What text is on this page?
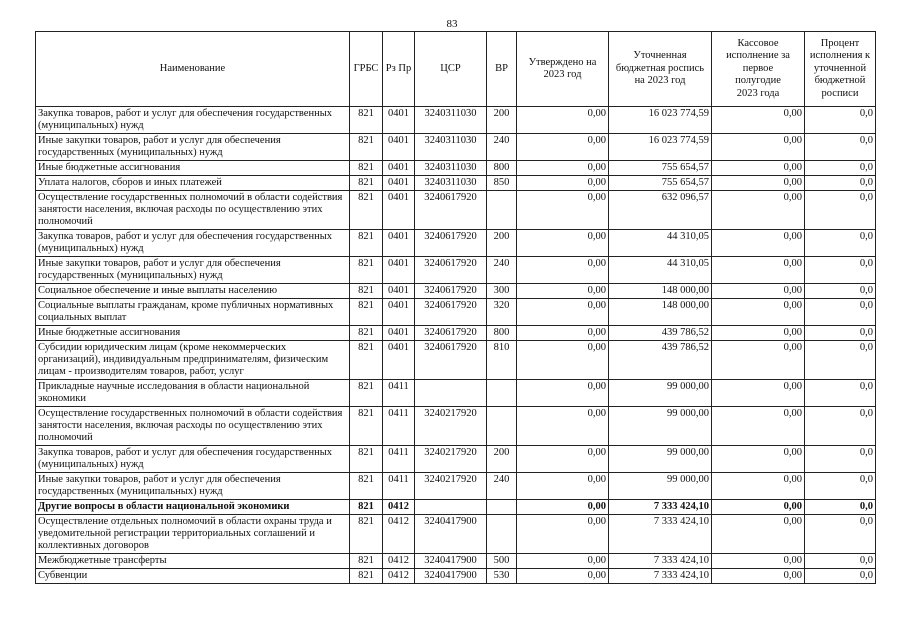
83
Наименование	ГРБС	Рз Пр	ЦСР	ВР	Утверждено на 2023 год	Уточненная бюджетная роспись на 2023 год	Кассовое исполнение за первое полугодие 2023 года	Процент исполнения к уточненной бюджетной росписи
Закупка товаров, работ и услуг для обеспечения государственных (муниципальных) нужд	821	0401	3240311030	200	0,00	16 023 774,59	0,00	0,0
Иные закупки товаров, работ и услуг для обеспечения государственных (муниципальных) нужд	821	0401	3240311030	240	0,00	16 023 774,59	0,00	0,0
Иные бюджетные ассигнования	821	0401	3240311030	800	0,00	755 654,57	0,00	0,0
Уплата налогов, сборов и иных платежей	821	0401	3240311030	850	0,00	755 654,57	0,00	0,0
Осуществление государственных полномочий в области содействия занятости населения, включая расходы по осуществлению этих полномочий	821	0401	3240617920		0,00	632 096,57	0,00	0,0
Закупка товаров, работ и услуг для обеспечения государственных (муниципальных) нужд	821	0401	3240617920	200	0,00	44 310,05	0,00	0,0
Иные закупки товаров, работ и услуг для обеспечения государственных (муниципальных) нужд	821	0401	3240617920	240	0,00	44 310,05	0,00	0,0
Социальное обеспечение и иные выплаты населению	821	0401	3240617920	300	0,00	148 000,00	0,00	0,0
Социальные выплаты гражданам, кроме публичных нормативных социальных выплат	821	0401	3240617920	320	0,00	148 000,00	0,00	0,0
Иные бюджетные ассигнования	821	0401	3240617920	800	0,00	439 786,52	0,00	0,0
Субсидии юридическим лицам (кроме некоммерческих организаций), индивидуальным предпринимателям, физическим лицам - производителям товаров, работ, услуг	821	0401	3240617920	810	0,00	439 786,52	0,00	0,0
Прикладные научные исследования в области национальной экономики	821	0411			0,00	99 000,00	0,00	0,0
Осуществление государственных полномочий в области содействия занятости населения, включая расходы по осуществлению этих полномочий	821	0411	3240217920		0,00	99 000,00	0,00	0,0
Закупка товаров, работ и услуг для обеспечения государственных (муниципальных) нужд	821	0411	3240217920	200	0,00	99 000,00	0,00	0,0
Иные закупки товаров, работ и услуг для обеспечения государственных (муниципальных) нужд	821	0411	3240217920	240	0,00	99 000,00	0,00	0,0
Другие вопросы в области национальной экономики	821	0412			0,00	7 333 424,10	0,00	0,0
Осуществление отдельных полномочий в области охраны труда и уведомительной регистрации территориальных соглашений и коллективных договоров	821	0412	3240417900		0,00	7 333 424,10	0,00	0,0
Межбюджетные трансферты	821	0412	3240417900	500	0,00	7 333 424,10	0,00	0,0
Субвенции	821	0412	3240417900	530	0,00	7 333 424,10	0,00	0,0
